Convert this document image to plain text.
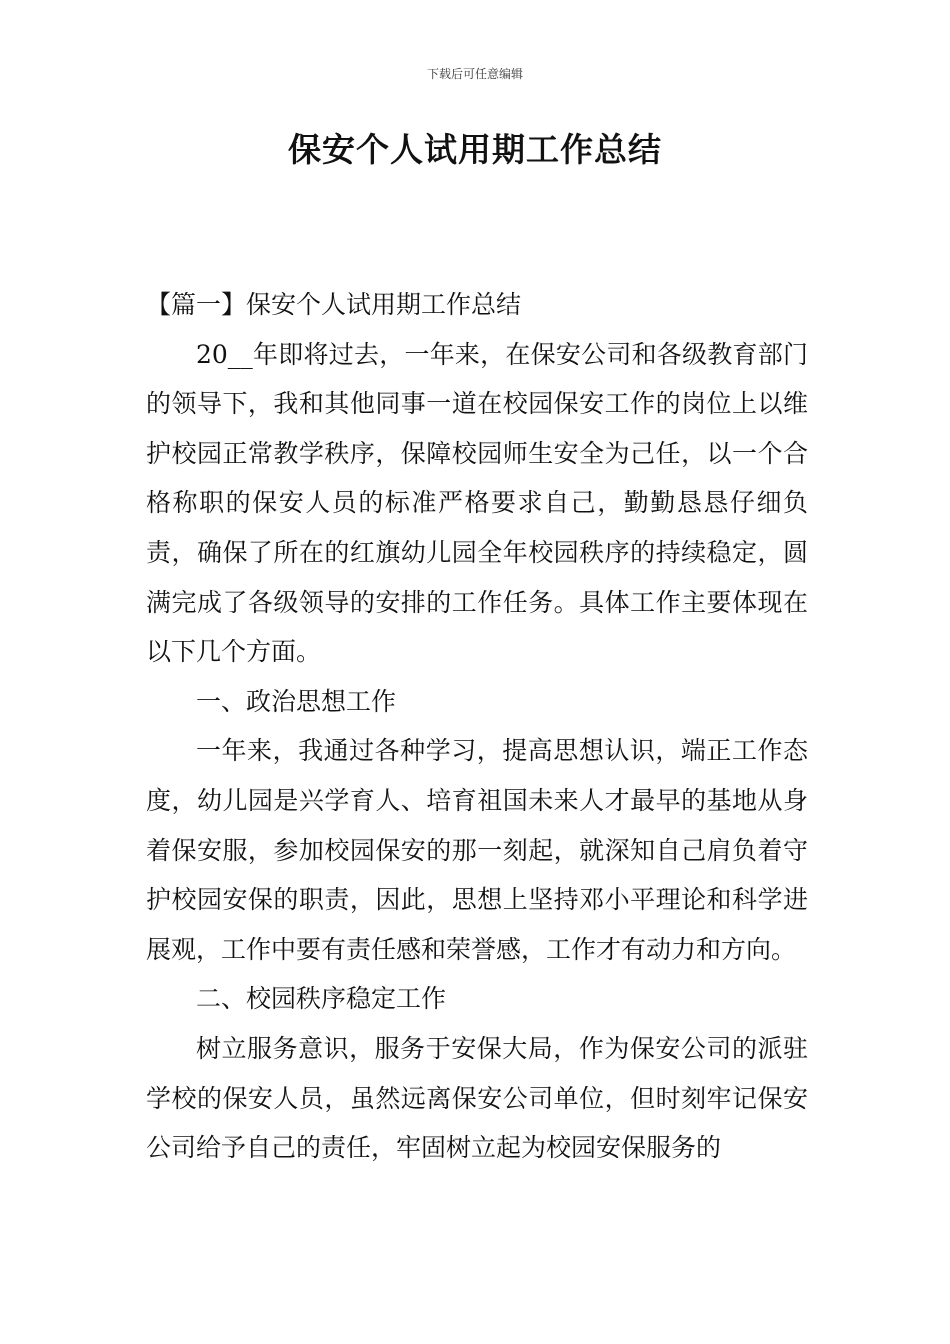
下载后可任意编辑
保安个人试用期工作总结

【篇一】保安个人试用期工作总结

20__年即将过去，一年来，在保安公司和各级教育部门的领导下，我和其他同事一道在校园保安工作的岗位上以维护校园正常教学秩序，保障校园师生安全为己任，以一个合格称职的保安人员的标准严格要求自己，勤勤恳恳仔细负责，确保了所在的红旗幼儿园全年校园秩序的持续稳定，圆满完成了各级领导的安排的工作任务。具体工作主要体现在以下几个方面。

一、政治思想工作

一年来，我通过各种学习，提高思想认识，端正工作态度，幼儿园是兴学育人、培育祖国未来人才最早的基地从身着保安服，参加校园保安的那一刻起，就深知自己肩负着守护校园安保的职责，因此，思想上坚持邓小平理论和科学进展观，工作中要有责任感和荣誉感，工作才有动力和方向。

二、校园秩序稳定工作

树立服务意识，服务于安保大局，作为保安公司的派驻学校的保安人员，虽然远离保安公司单位，但时刻牢记保安公司给予自己的责任，牢固树立起为校园安保服务的
